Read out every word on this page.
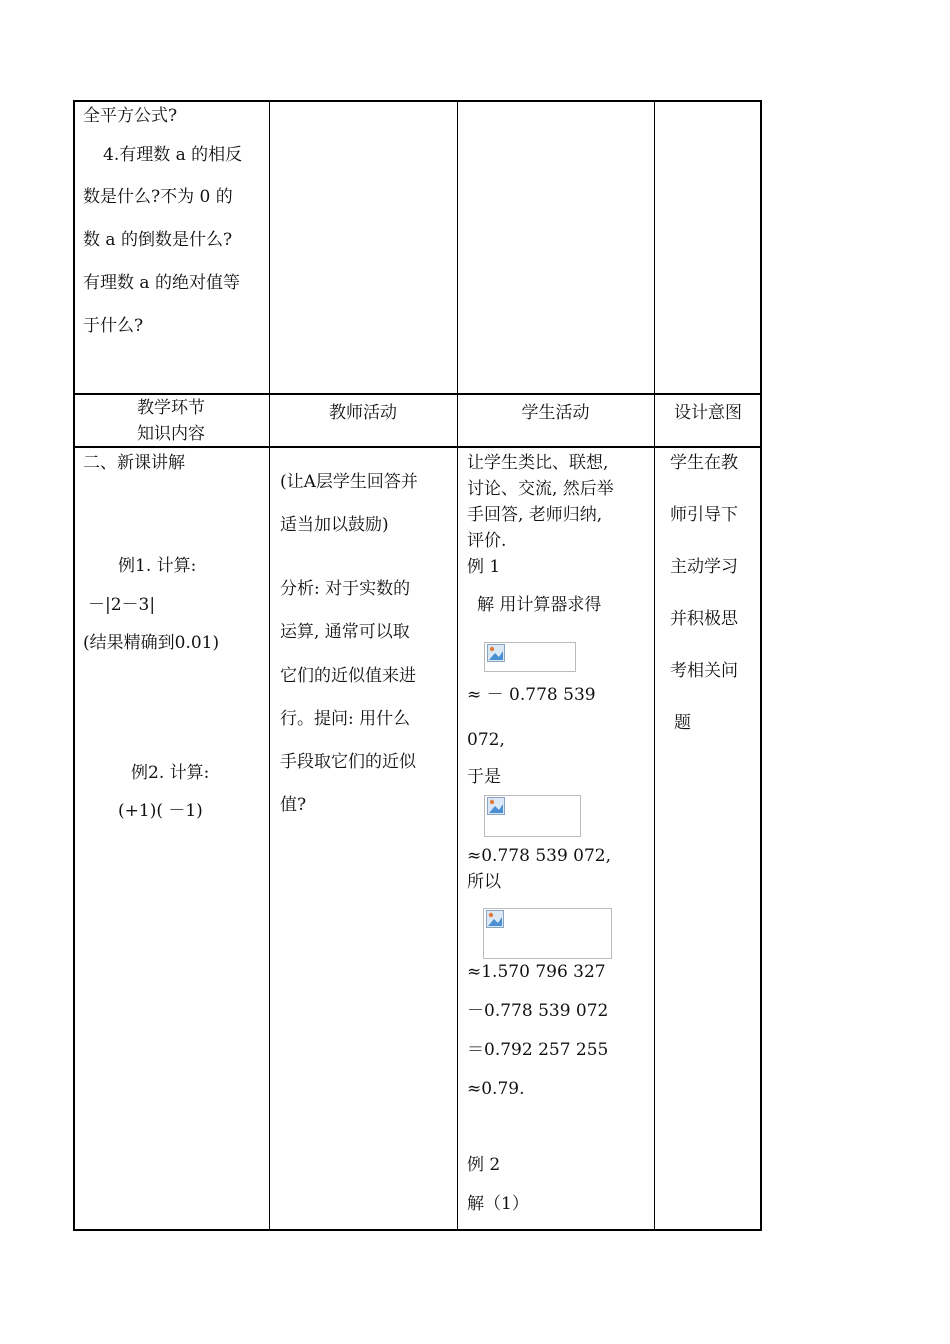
全平方公式?
4.有理数 a 的相反
数是什么?不为 0 的
数 a 的倒数是什么?
有理数 a 的绝对值等
于什么?
教学环节
知识内容
教师活动	学生活动	设计意图
二、新课讲解
例1. 计算:
－|2－3|
(结果精确到0.01)
例2. 计算:
(+1)( －1)
(让A层学生回答并
适当加以鼓励)
分析: 对于实数的
运算, 通常可以取
它们的近似值来进
行。提问: 用什么
手段取它们的近似
值?
让学生类比、联想,
讨论、交流, 然后举
手回答, 老师归纳,
评价.
例 1
解 用计算器求得
≈ － 0.778 539
072,
于是
≈0.778 539 072,
所以
≈1.570 796 327
－0.778 539 072
＝0.792 257 255
≈0.79.
例 2
解（1）
学生在教
师引导下
主动学习
并积极思
考相关问
题
